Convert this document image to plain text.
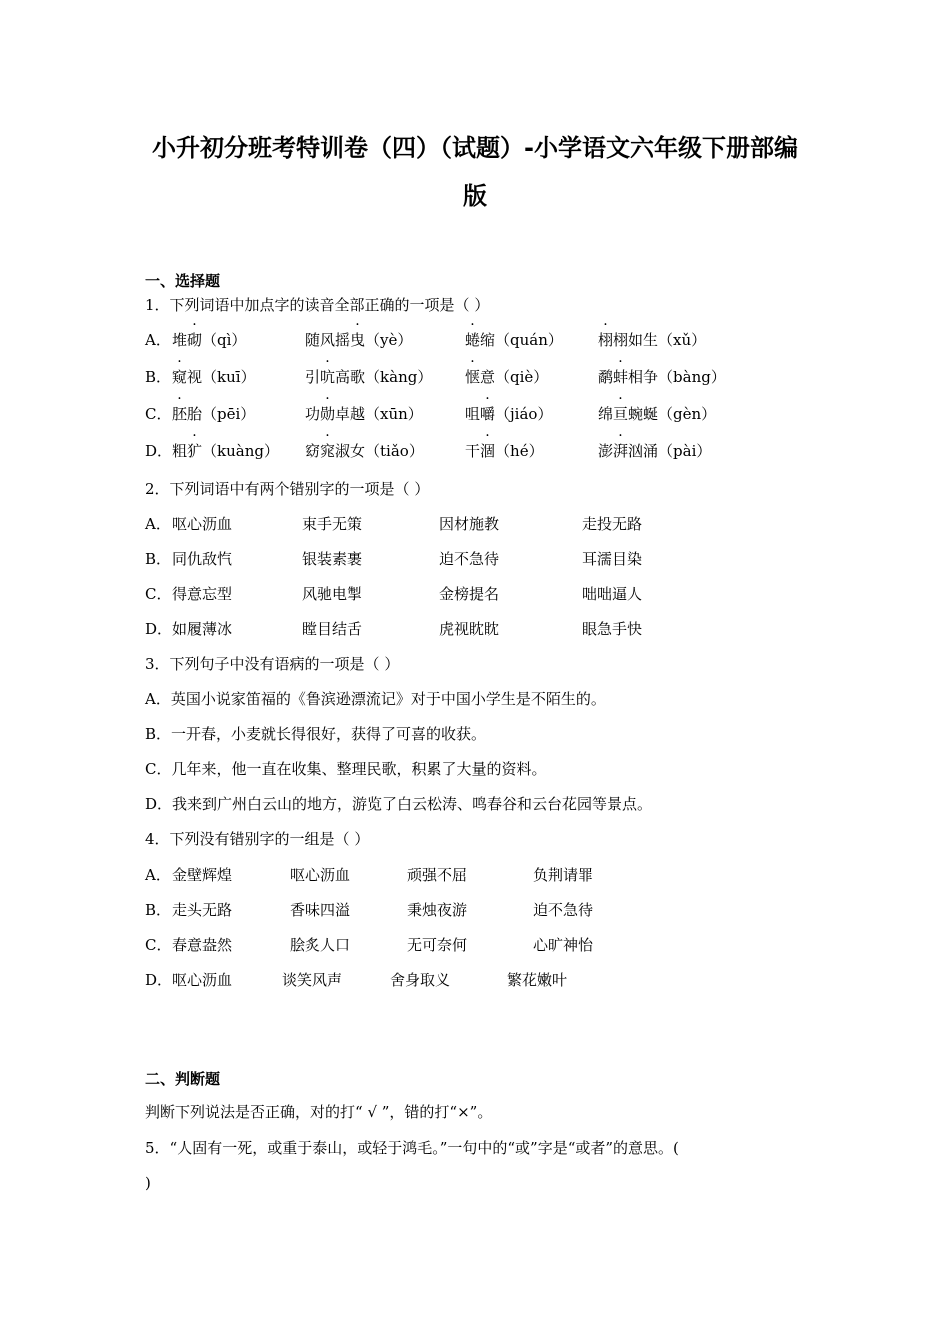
小升初分班考特训卷（四）（试题）-小学语文六年级下册部编
版
一、选择题
1．下列词语中加点字的读音全部正确的一项是（ ）
A． 堆砌（qì）	随风摇曳（yè）	蜷缩（quán） 栩栩如生（xǔ）
B． 窥视（kuī）	引吭高歌（kàng） 惬意（qiè）	鹬蚌相争（bàng）
C． 胚胎（pēi）	功勋卓越（xūn）	咀嚼（jiáo）	绵亘蜿蜒（gèn）
D． 粗犷（kuàng） 窈窕淑女（tiǎo）	干涸（hé）	澎湃汹涌（pài）
2．下列词语中有两个错别字的一项是（ ）
A． 呕心沥血	束手无策	因材施教	走投无路
B． 同仇敌忾	银装素裹	迫不急待	耳濡目染
C． 得意忘型	风驰电掣	金榜提名	咄咄逼人
D． 如履薄冰	瞠目结舌	虎视眈眈	眼急手快
3．下列句子中没有语病的一项是（ ）
A．英国小说家笛福的《鲁滨逊漂流记》对于中国小学生是不陌生的。
B．一开春，小麦就长得很好，获得了可喜的收获。
C．几年来，他一直在收集、整理民歌，积累了大量的资料。
D．我来到广州白云山的地方，游览了白云松涛、鸣春谷和云台花园等景点。
4．下列没有错别字的一组是（ ）
A． 金壁辉煌	呕心沥血	顽强不屈	负荆请罪
B． 走头无路	香味四溢	秉烛夜游	迫不急待
C． 春意盎然	脍炙人口	无可奈何	心旷神怡
D． 呕心沥血	谈笑风声	舍身取义	繁花嫩叶
二、判断题
判断下列说法是否正确，对的打“ √ ”，错的打“×”。
5．“人固有一死，或重于泰山，或轻于鸿毛。”一句中的“或”字是“或者”的意思。(
)
